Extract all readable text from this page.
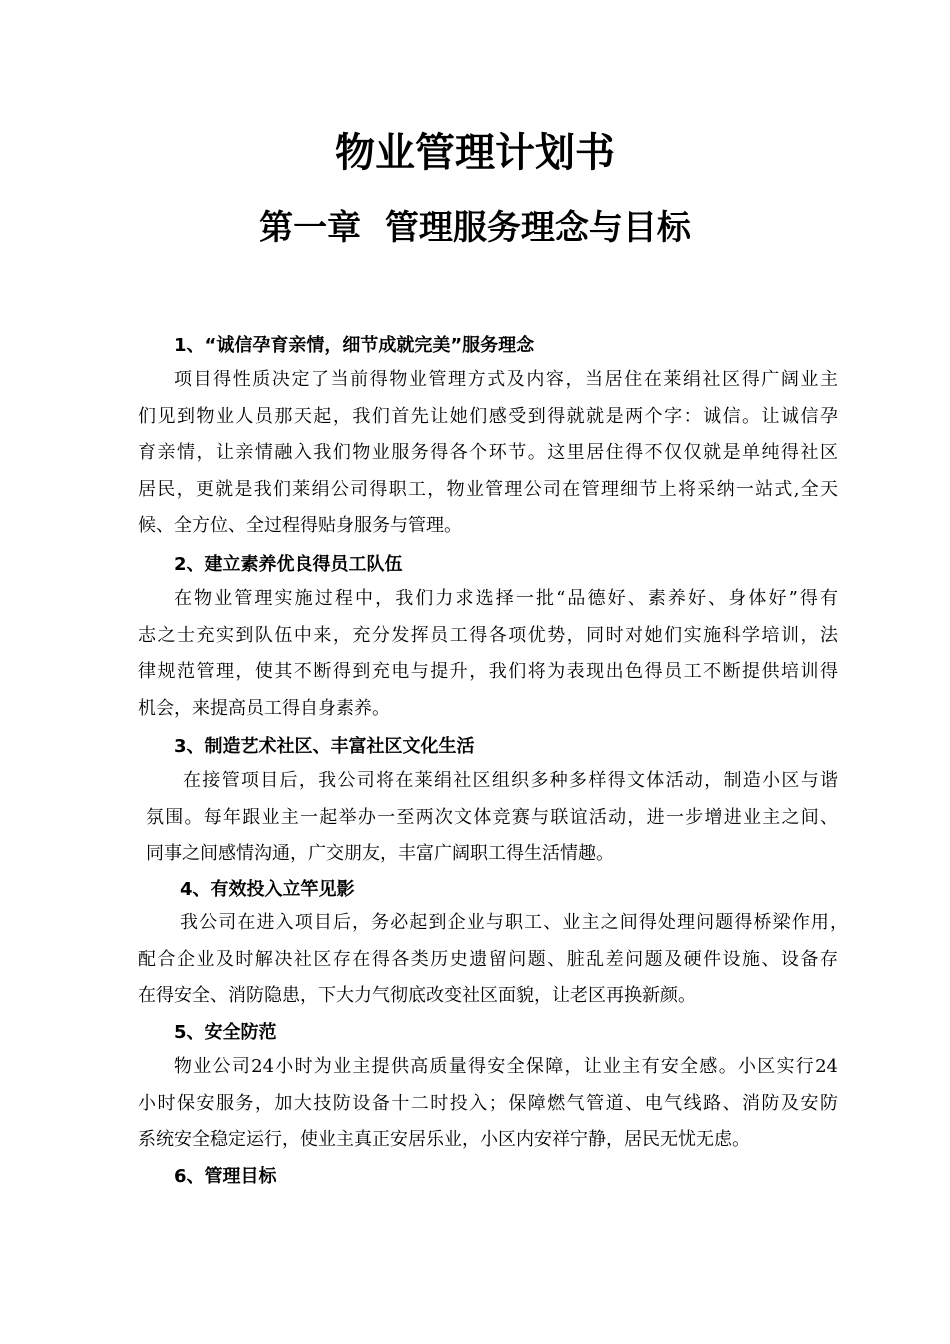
物业管理计划书
第一章  管理服务理念与目标
1、“诚信孕育亲情，细节成就完美”服务理念
项目得性质决定了当前得物业管理方式及内容，当居住在莱绢社区得广阔业主
们见到物业人员那天起，我们首先让她们感受到得就就是两个字：诚信。让诚信孕
育亲情，让亲情融入我们物业服务得各个环节。这里居住得不仅仅就是单纯得社区
居民，更就是我们莱绢公司得职工，物业管理公司在管理细节上将采纳一站式,全天
候、全方位、全过程得贴身服务与管理。
2、建立素养优良得员工队伍
在物业管理实施过程中，我们力求选择一批“品德好、素养好、身体好”得有
志之士充实到队伍中来，充分发挥员工得各项优势，同时对她们实施科学培训，法
律规范管理，使其不断得到充电与提升，我们将为表现出色得员工不断提供培训得
机会，来提高员工得自身素养。
3、制造艺术社区、丰富社区文化生活
在接管项目后，我公司将在莱绢社区组织多种多样得文体活动，制造小区与谐
氛围。每年跟业主一起举办一至两次文体竞赛与联谊活动，进一步增进业主之间、
同事之间感情沟通，广交朋友，丰富广阔职工得生活情趣。
4、有效投入立竿见影
我公司在进入项目后，务必起到企业与职工、业主之间得处理问题得桥梁作用，
配合企业及时解决社区存在得各类历史遗留问题、脏乱差问题及硬件设施、设备存
在得安全、消防隐患，下大力气彻底改变社区面貌，让老区再换新颜。
5、安全防范
物业公司24小时为业主提供高质量得安全保障，让业主有安全感。小区实行24
小时保安服务，加大技防设备十二时投入；保障燃气管道、电气线路、消防及安防
系统安全稳定运行，使业主真正安居乐业，小区内安祥宁静，居民无忧无虑。
6、管理目标
